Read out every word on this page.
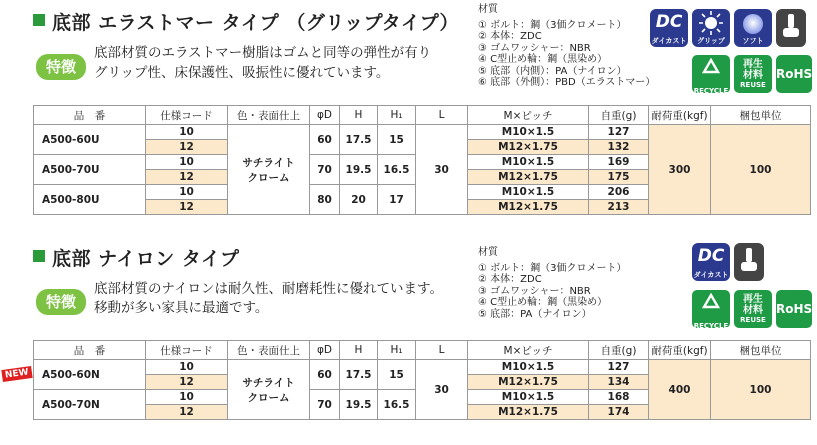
底部 エラストマー タイプ （グリップタイプ）
特徴
底部材質のエラストマー樹脂はゴムと同等の弾性が有り
グリップ性、床保護性、吸振性に優れています。
材質
① ボルト：鋼（3価クロメート）
② 本体：ZDC
③ ゴムワッシャー：NBR
④ C型止め輪：鋼（黒染め）
⑤ 底部（内側）：PA（ナイロン）
⑥ 底部（外側）：PBD（エラストマー）
DC
ダイカスト	グリップ	ソフト
RECYCLE
再生材料
REUSE
RoHS
品　番	仕様コード	色・表面仕上	φD	H	H₁	L	M×ピッチ	自重(g)	耐荷重(kgf)	梱包単位
A500-60U	10	サチライト
クローム	60	17.5	15	30	M10×1.5	127	300	100
	12						M12×1.75	132		
A500-70U	10		70	19.5	16.5		M10×1.5	169		
	12						M12×1.75	175		
A500-80U	10		80	20	17		M10×1.5	206		
	12						M12×1.75	213		
底部 ナイロン タイプ
特徴
底部材質のナイロンは耐久性、耐磨耗性に優れています。
移動が多い家具に最適です。
材質
① ボルト：鋼（3価クロメート）
② 本体：ZDC
③ ゴムワッシャー：NBR
④ C型止め輪：鋼（黒染め）
⑤ 底部：PA（ナイロン）
DC
ダイカスト
RECYCLE
再生材料
REUSE
RoHS
NEW
品　番	仕様コード	色・表面仕上	φD	H	H₁	L	M×ピッチ	自重(g)	耐荷重(kgf)	梱包単位
A500-60N	10	サチライト
クローム	60	17.5	15	30	M10×1.5	127	400	100
	12						M12×1.75	134		
A500-70N	10		70	19.5	16.5		M10×1.5	168		
	12						M12×1.75	174		
